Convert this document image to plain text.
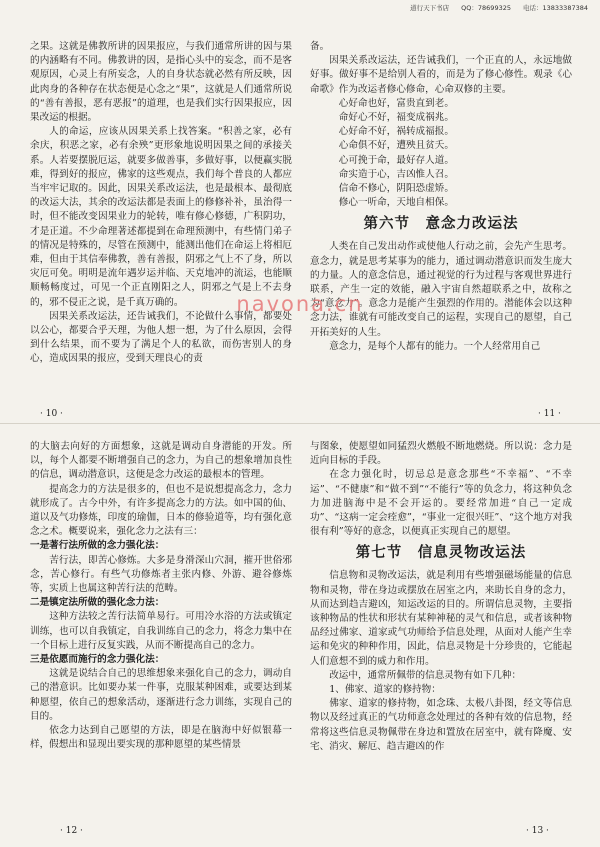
道行天下书店 QQ：78699325 电话：13833387384

之果。这就是佛教所讲的因果报应，与我们通常所讲的因与果的内涵略有不同。佛教讲的因，是指心头中的妄念，而不是客观原因，心灵上有所妄念，人的自身状态就必然有所反映，因此肉身的各种存在状态便是心念之“果”，这就是人们通常所说的“善有善报，恶有恶报”的道理，也是我们实行因果报应，因果改运的根据。

人的命运，应该从因果关系上找答案。“积善之家，必有余庆，积恶之家，必有余殃”更形象地说明因果之间的承接关系。人若要摆脱厄运，就要多做善事，多做好事，以便赢实脱难，得到好的报应，佛家的这些观点，我们每个普良的人都应当牢牢记取的。因此，因果关系改运法，也是最根本、最彻底的改运大法，其余的改运法都是表面上的修修补补，虽治得一时，但不能改变因果业力的轮转，唯有修心修德，广积阴功，才是正道。不少命理著述都提到在命理预测中，有些情门弟子的情况是特殊的，尽管在预测中，能测出他们在命运上将相厄难，但由于其信奉佛教，善有善报，阴邪之气上不了身，所以灾厄可免。明明是流年遇岁运并临、天克地冲的流运，也能顺顺畅畅度过，可见一个正直刚阳之人，阴邪之气是上不去身的，邪不侵正之说，是千真万确的。

因果关系改运法，还告诫我们，不论做什么事情，都要处以公心，都要合乎天理，为他人想一想，为了什么原因，会得到什么结果，而不要为了满足个人的私欲，而伤害别人的身心，造成因果的报应，受到天理良心的责

· 10 ·

备。

因果关系改运法，还告诫我们，一个正直的人，永远地做好事。做好事不是给别人看的，而是为了修心修性。观录《心命歌》作为改运者修心修命，心命双修的主要。

心好命也好，富贵直到老。

命好心不好，福变成祸兆。

心好命不好，祸转成福报。

心命俱不好，遭殃且贫夭。

心可挽于命，最好存人道。

命实造于心，吉凶惟人召。

信命不修心，阴阳恐虚矫。

修心一听命，天地自相保。

第六节　意念力改运法

人类在自己发出动作或使他人行动之前，会先产生思考。意念力，就是思考某事为的能力，通过调动潜意识而发生庞大的力量。人的意念信息，通过视觉的行为过程与客观世界进行联系，产生一定的效能，融入宇宙自然超联系之中，故称之为“意念力”。意念力是能产生强烈的作用的。潜能体会以这种念力法，谁就有可能改变自己的运程，实现自己的愿望，自己开拓美好的人生。

意念力，是每个人都有的能力。一个人经常用自己

· 11 ·
navona.cn

的大脑去向好的方面想象，这就是调动自身潜能的开发。所以，每个人都要不断增强自己的念力，为自己的想象增加良性的信息，调动潜意识，这便是念力改运的最根本的管理。

提高念力的方法是很多的，但也不是说想提高念力，念力就形成了。古今中外，有许多提高念力的方法。如中国的仙、道以及气功修炼，印度的瑜伽，日本的修验道等，均有强化意念之术。概要说来，强化念力之法有三：

一是著行法所做的念力强化法：

苦行法，即苦心修炼。大多是身滑深山穴洞，摧开世俗邪念，苦心修行。有些气功修炼者主张内修、外游、避谷修炼等，实质上也属这种苦行法的范畴。

二是镇定法所做的强化念力法：

这种方法较之苦行法简单易行。可用冷水浴的方法或镇定训练，也可以自我镇定，自我训练自己的念力，将念力集中在一个目标上进行反复实践，从而不断提高自己的念力。

三是依愿而施行的念力强化法：

这就是说结合自己的思维想象来强化自己的念力，调动自己的潜意识。比如要办某一件事，克服某种困难，或要达到某种愿望，依自己的想象活动，逐渐进行念力训练，实现自己的目的。

依念力达到自己愿望的方法，即是在脑海中好似银幕一样，假想出和显现出要实现的那种愿望的某些情景

· 12 ·

与图象，使愿望如同猛烈火燃般不断地燃烧。所以说：念力是近向目标的手段。

在念力强化时，切忌总是意念那些“不幸福”、“不幸运”、“不健康”和“做不到”“不能行”等的负念力，将这种负念力加进脑海中是不会开运的。要经常加进“自己一定成功”、“这病一定会痊愈”，“事业一定很兴旺”、“这个地方对我很有利”等好的意念，以便真正实现自己的愿望。

第七节　信息灵物改运法

信息物和灵物改运法，就是利用有些增强磁场能量的信息物和灵物，带在身边或摆放在居室之内，来助长自身的念力，从而达到趋吉避凶，知运改运的目的。所谓信息灵物，主要指该种物品的性状和形状有某种神秘的灵气和信息，或者该种物品经过佛家、道家或气功师给予信息处理，从面对人能产生幸运和免灾的种种作用，因此，信息灵物是十分珍贵的，它能起人们意想不到的威力和作用。

改运中，通常所佩带的信息灵物有如下几种：

1、佛家、道家的修持物：

佛家、道家的修持物，如念珠、太极八卦图，经文等信息物以及经过真正的气功师意念处理过的各种有效的信息物，经常将这些信息灵物佩带在身边和置放在居室中，就有降魔、安宅、消灾、解厄、趋吉避凶的作

· 13 ·
